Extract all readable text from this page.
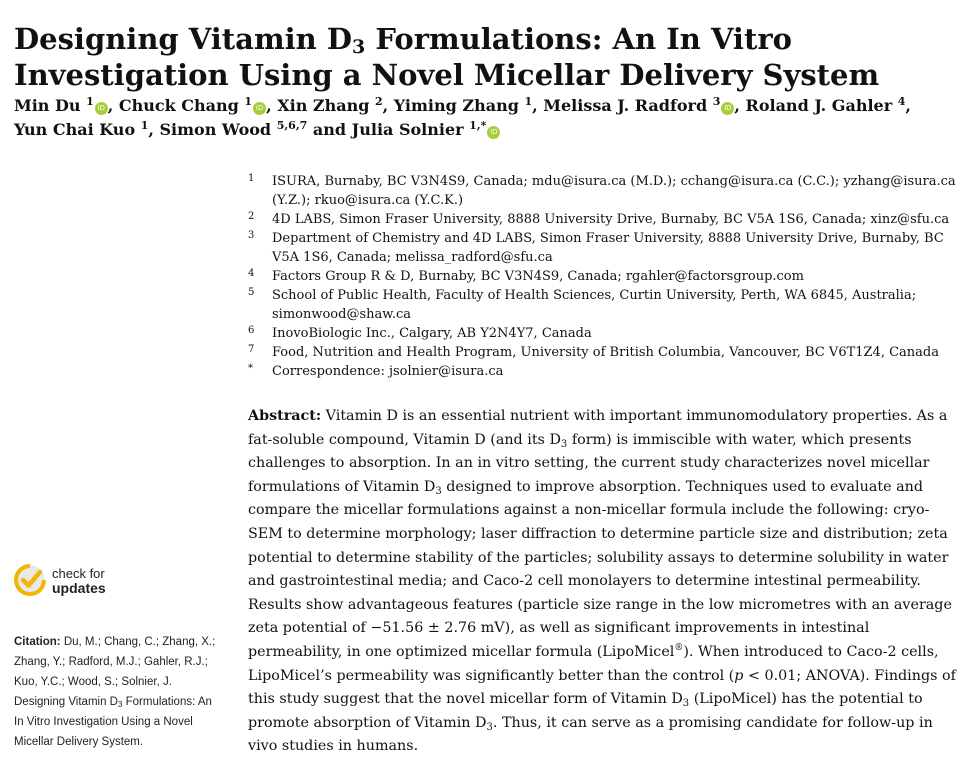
Designing Vitamin $D_3$ Formulations: An In Vitro Investigation Using a Novel Micellar Delivery System
Min Du $^1$ iD , Chuck Chang $^1$ iD , Xin Zhang $^2$, Yiming Zhang $^1$, Melissa J. Radford $^3$ iD , Roland J. Gahler $^4$,
Yun Chai Kuo $^1$, Simon Wood $^{5,6,7}$ and Julia Solnier $^{1,*}$ iD
1	ISURA, Burnaby, BC V3N4S9, Canada; mdu@isura.ca (M.D.); cchang@isura.ca (C.C.); yzhang@isura.ca (Y.Z.); rkuo@isura.ca (Y.C.K.)
2	4D LABS, Simon Fraser University, 8888 University Drive, Burnaby, BC V5A 1S6, Canada; xinz@sfu.ca
3	Department of Chemistry and 4D LABS, Simon Fraser University, 8888 University Drive, Burnaby, BC V5A 1S6, Canada; melissa_radford@sfu.ca
4	Factors Group R & D, Burnaby, BC V3N4S9, Canada; rgahler@factorsgroup.com
5	School of Public Health, Faculty of Health Sciences, Curtin University, Perth, WA 6845, Australia; simonwood@shaw.ca
6	InovoBiologic Inc., Calgary, AB Y2N4Y7, Canada
7	Food, Nutrition and Health Program, University of British Columbia, Vancouver, BC V6T1Z4, Canada
*	Correspondence: jsolnier@isura.ca

Abstract: Vitamin D is an essential nutrient with important immunomodulatory properties. As a fat-soluble compound, Vitamin D (and its $D_3$ form) is immiscible with water, which presents challenges to absorption. In an in vitro setting, the current study characterizes novel micellar formulations of Vitamin $D_3$ designed to improve absorption. Techniques used to evaluate and compare the micellar formulations against a non-micellar formula include the following: cryo-SEM to determine morphology; laser diffraction to determine particle size and distribution; zeta potential to determine stability of the particles; solubility assays to determine solubility in water and gastrointestinal media; and Caco-2 cell monolayers to determine intestinal permeability. Results show advantageous features (particle size range in the low micrometres with an average zeta potential of −51.56 ± 2.76 mV), as well as significant improvements in intestinal permeability, in one optimized micellar formula (LipoMicel®). When introduced to Caco-2 cells, LipoMicel’s permeability was significantly better than the control (p < 0.01; ANOVA). Findings of this study suggest that the novel micellar form of Vitamin $D_3$ (LipoMicel) has the potential to promote absorption of Vitamin $D_3$. Thus, it can serve as a promising candidate for follow-up in vivo studies in humans.

check for
updates
Citation: Du, M.; Chang, C.; Zhang, X.; Zhang, Y.; Radford, M.J.; Gahler, R.J.; Kuo, Y.C.; Wood, S.; Solnier, J. Designing Vitamin $D_3$ Formulations: An In Vitro Investigation Using a Novel Micellar Delivery System.
